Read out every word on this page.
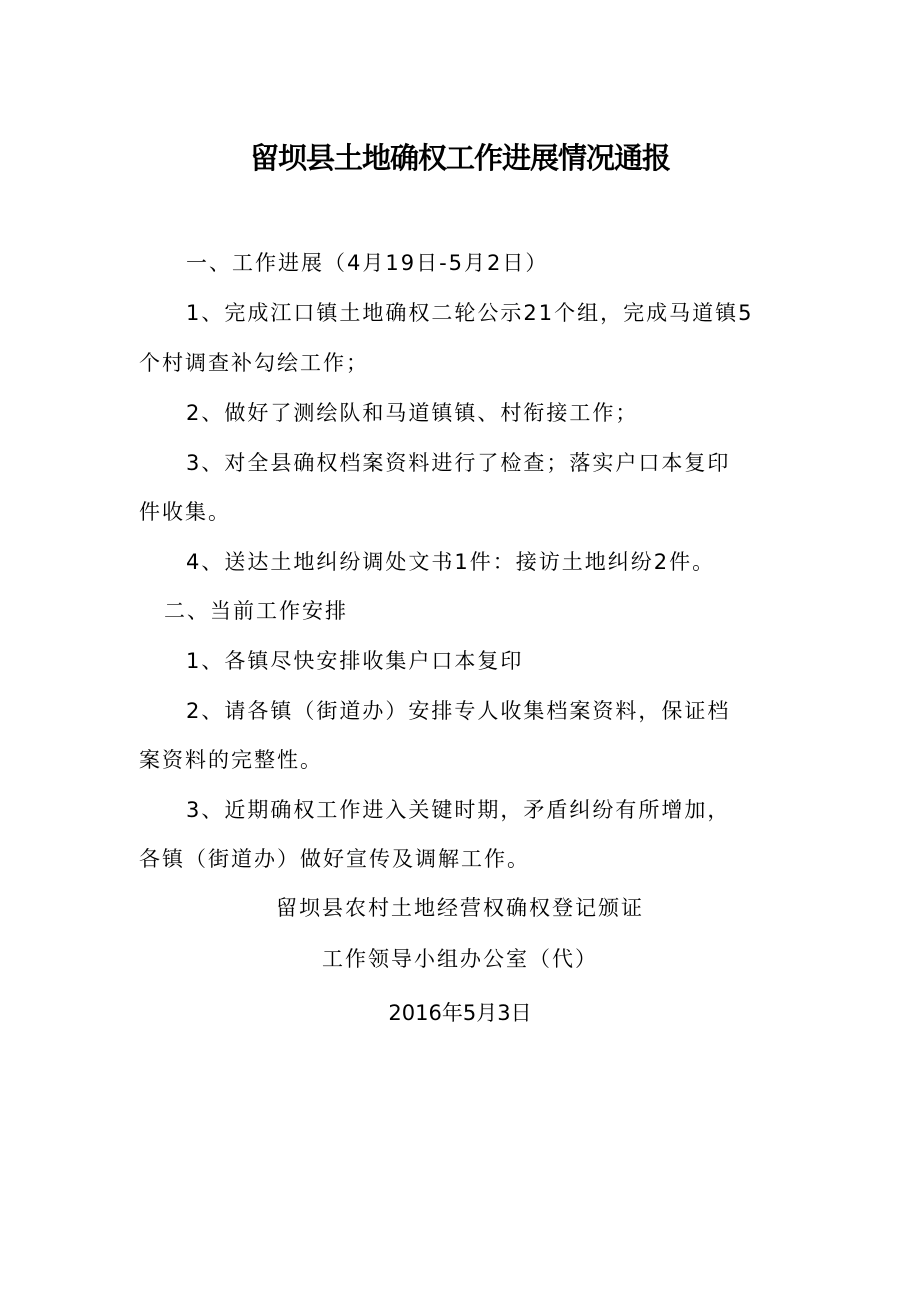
留坝县土地确权工作进展情况通报
一、工作进展（4月19日-5月2日）
1、完成江口镇土地确权二轮公示21个组，完成马道镇5
个村调查补勾绘工作；
2、做好了测绘队和马道镇镇、村衔接工作；
3、对全县确权档案资料进行了检查；落实户口本复印
件收集。
4、送达土地纠纷调处文书1件：接访土地纠纷2件。
二、当前工作安排
1、各镇尽快安排收集户口本复印
2、请各镇（街道办）安排专人收集档案资料，保证档
案资料的完整性。
3、近期确权工作进入关键时期，矛盾纠纷有所增加，
各镇（街道办）做好宣传及调解工作。
留坝县农村土地经营权确权登记颁证
工作领导小组办公室（代）
2016年5月3日
